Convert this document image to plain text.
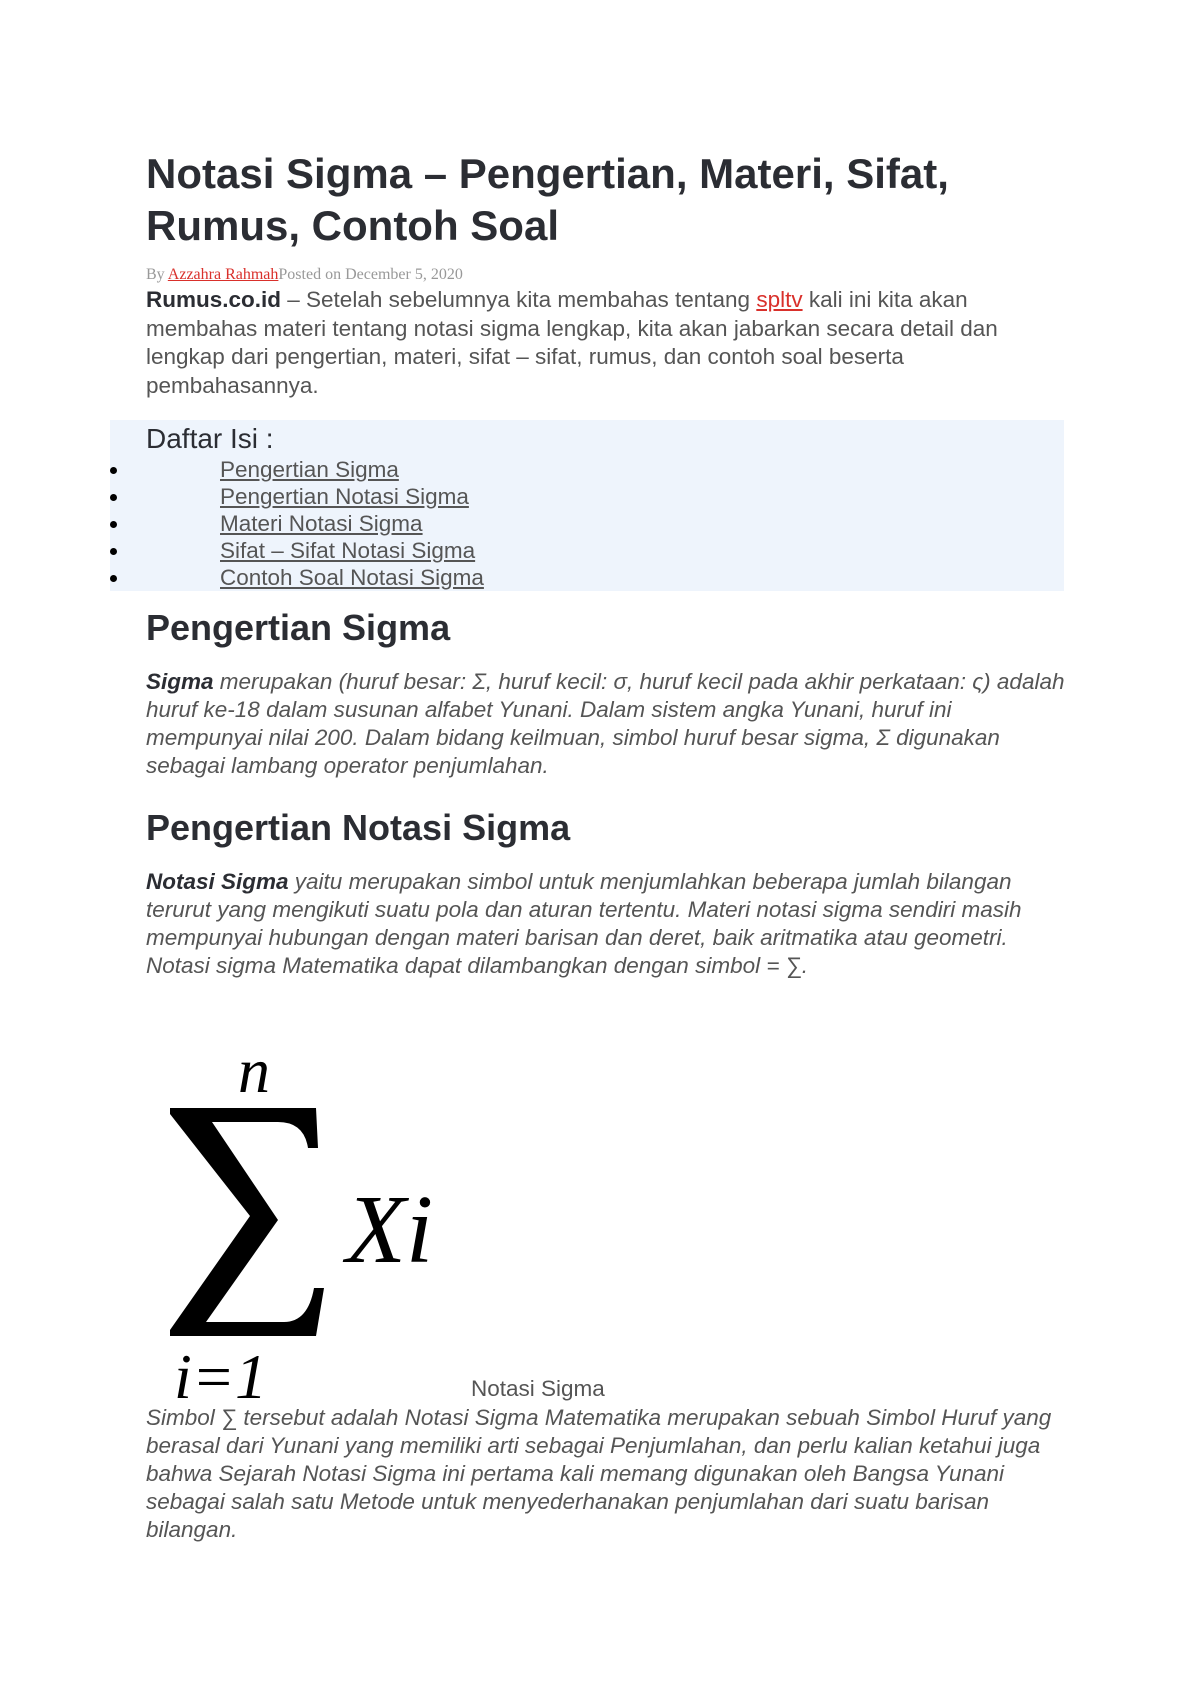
Notasi Sigma – Pengertian, Materi, Sifat, Rumus, Contoh Soal
By Azzahra RahmahPosted on December 5, 2020

Rumus.co.id – Setelah sebelumnya kita membahas tentang spltv kali ini kita akan membahas materi tentang notasi sigma lengkap, kita akan jabarkan secara detail dan lengkap dari pengertian, materi, sifat – sifat, rumus, dan contoh soal beserta pembahasannya.

Daftar Isi :
Pengertian Sigma
Pengertian Notasi Sigma
Materi Notasi Sigma
Sifat – Sifat Notasi Sigma
Contoh Soal Notasi Sigma
Pengertian Sigma

Sigma merupakan (huruf besar: Σ, huruf kecil: σ, huruf kecil pada akhir perkataan: ς) adalah huruf ke-18 dalam susunan alfabet Yunani. Dalam sistem angka Yunani, huruf ini mempunyai nilai 200. Dalam bidang keilmuan, simbol huruf besar sigma, Σ digunakan sebagai lambang operator penjumlahan.

Pengertian Notasi Sigma

Notasi Sigma yaitu merupakan simbol untuk menjumlahkan beberapa jumlah bilangan terurut yang mengikuti suatu pola dan aturan tertentu. Materi notasi sigma sendiri masih mempunyai hubungan dengan materi barisan dan deret, baik aritmatika atau geometri. Notasi sigma Matematika dapat dilambangkan dengan simbol = ∑.

n
Xi
i=1	Notasi Sigma

Simbol ∑ tersebut adalah Notasi Sigma Matematika merupakan sebuah Simbol Huruf yang berasal dari Yunani yang memiliki arti sebagai Penjumlahan, dan perlu kalian ketahui juga bahwa Sejarah Notasi Sigma ini pertama kali memang digunakan oleh Bangsa Yunani sebagai salah satu Metode untuk menyederhanakan penjumlahan dari suatu barisan bilangan.
